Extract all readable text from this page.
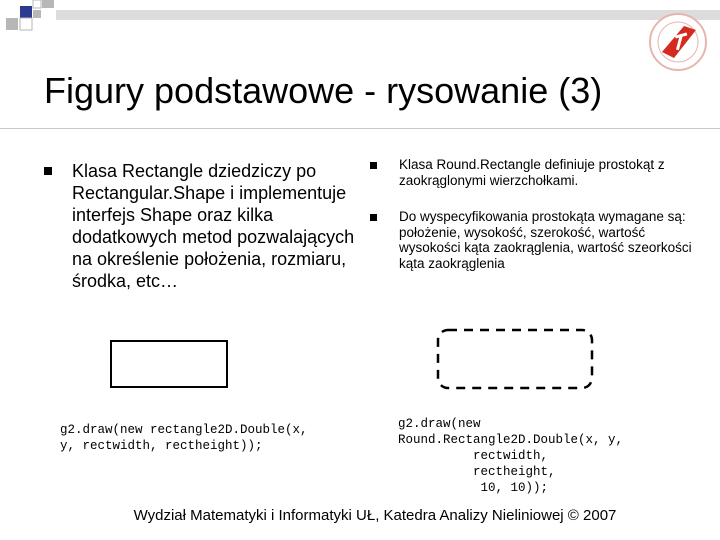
Figury podstawowe - rysowanie (3)
Klasa Rectangle dziedziczy po Rectangular.Shape i implementuje interfejs Shape oraz kilka dodatkowych metod pozwalających na określenie położenia, rozmiaru, środka, etc…
Klasa Round.Rectangle definiuje prostokąt z zaokrąglonymi wierzchołkami.
Do wyspecyfikowania prostokąta wymagane są: położenie, wysokość, szerokość, wartość wysokości kąta zaokrąglenia, wartość szeorkości kąta zaokrąglenia
g2.draw(new rectangle2D.Double(x,
y, rectwidth, rectheight));
g2.draw(new
Round.Rectangle2D.Double(x, y,
rectwidth,
rectheight,
10, 10));
Wydział Matematyki i Informatyki UŁ, Katedra Analizy Nieliniowej © 2007
